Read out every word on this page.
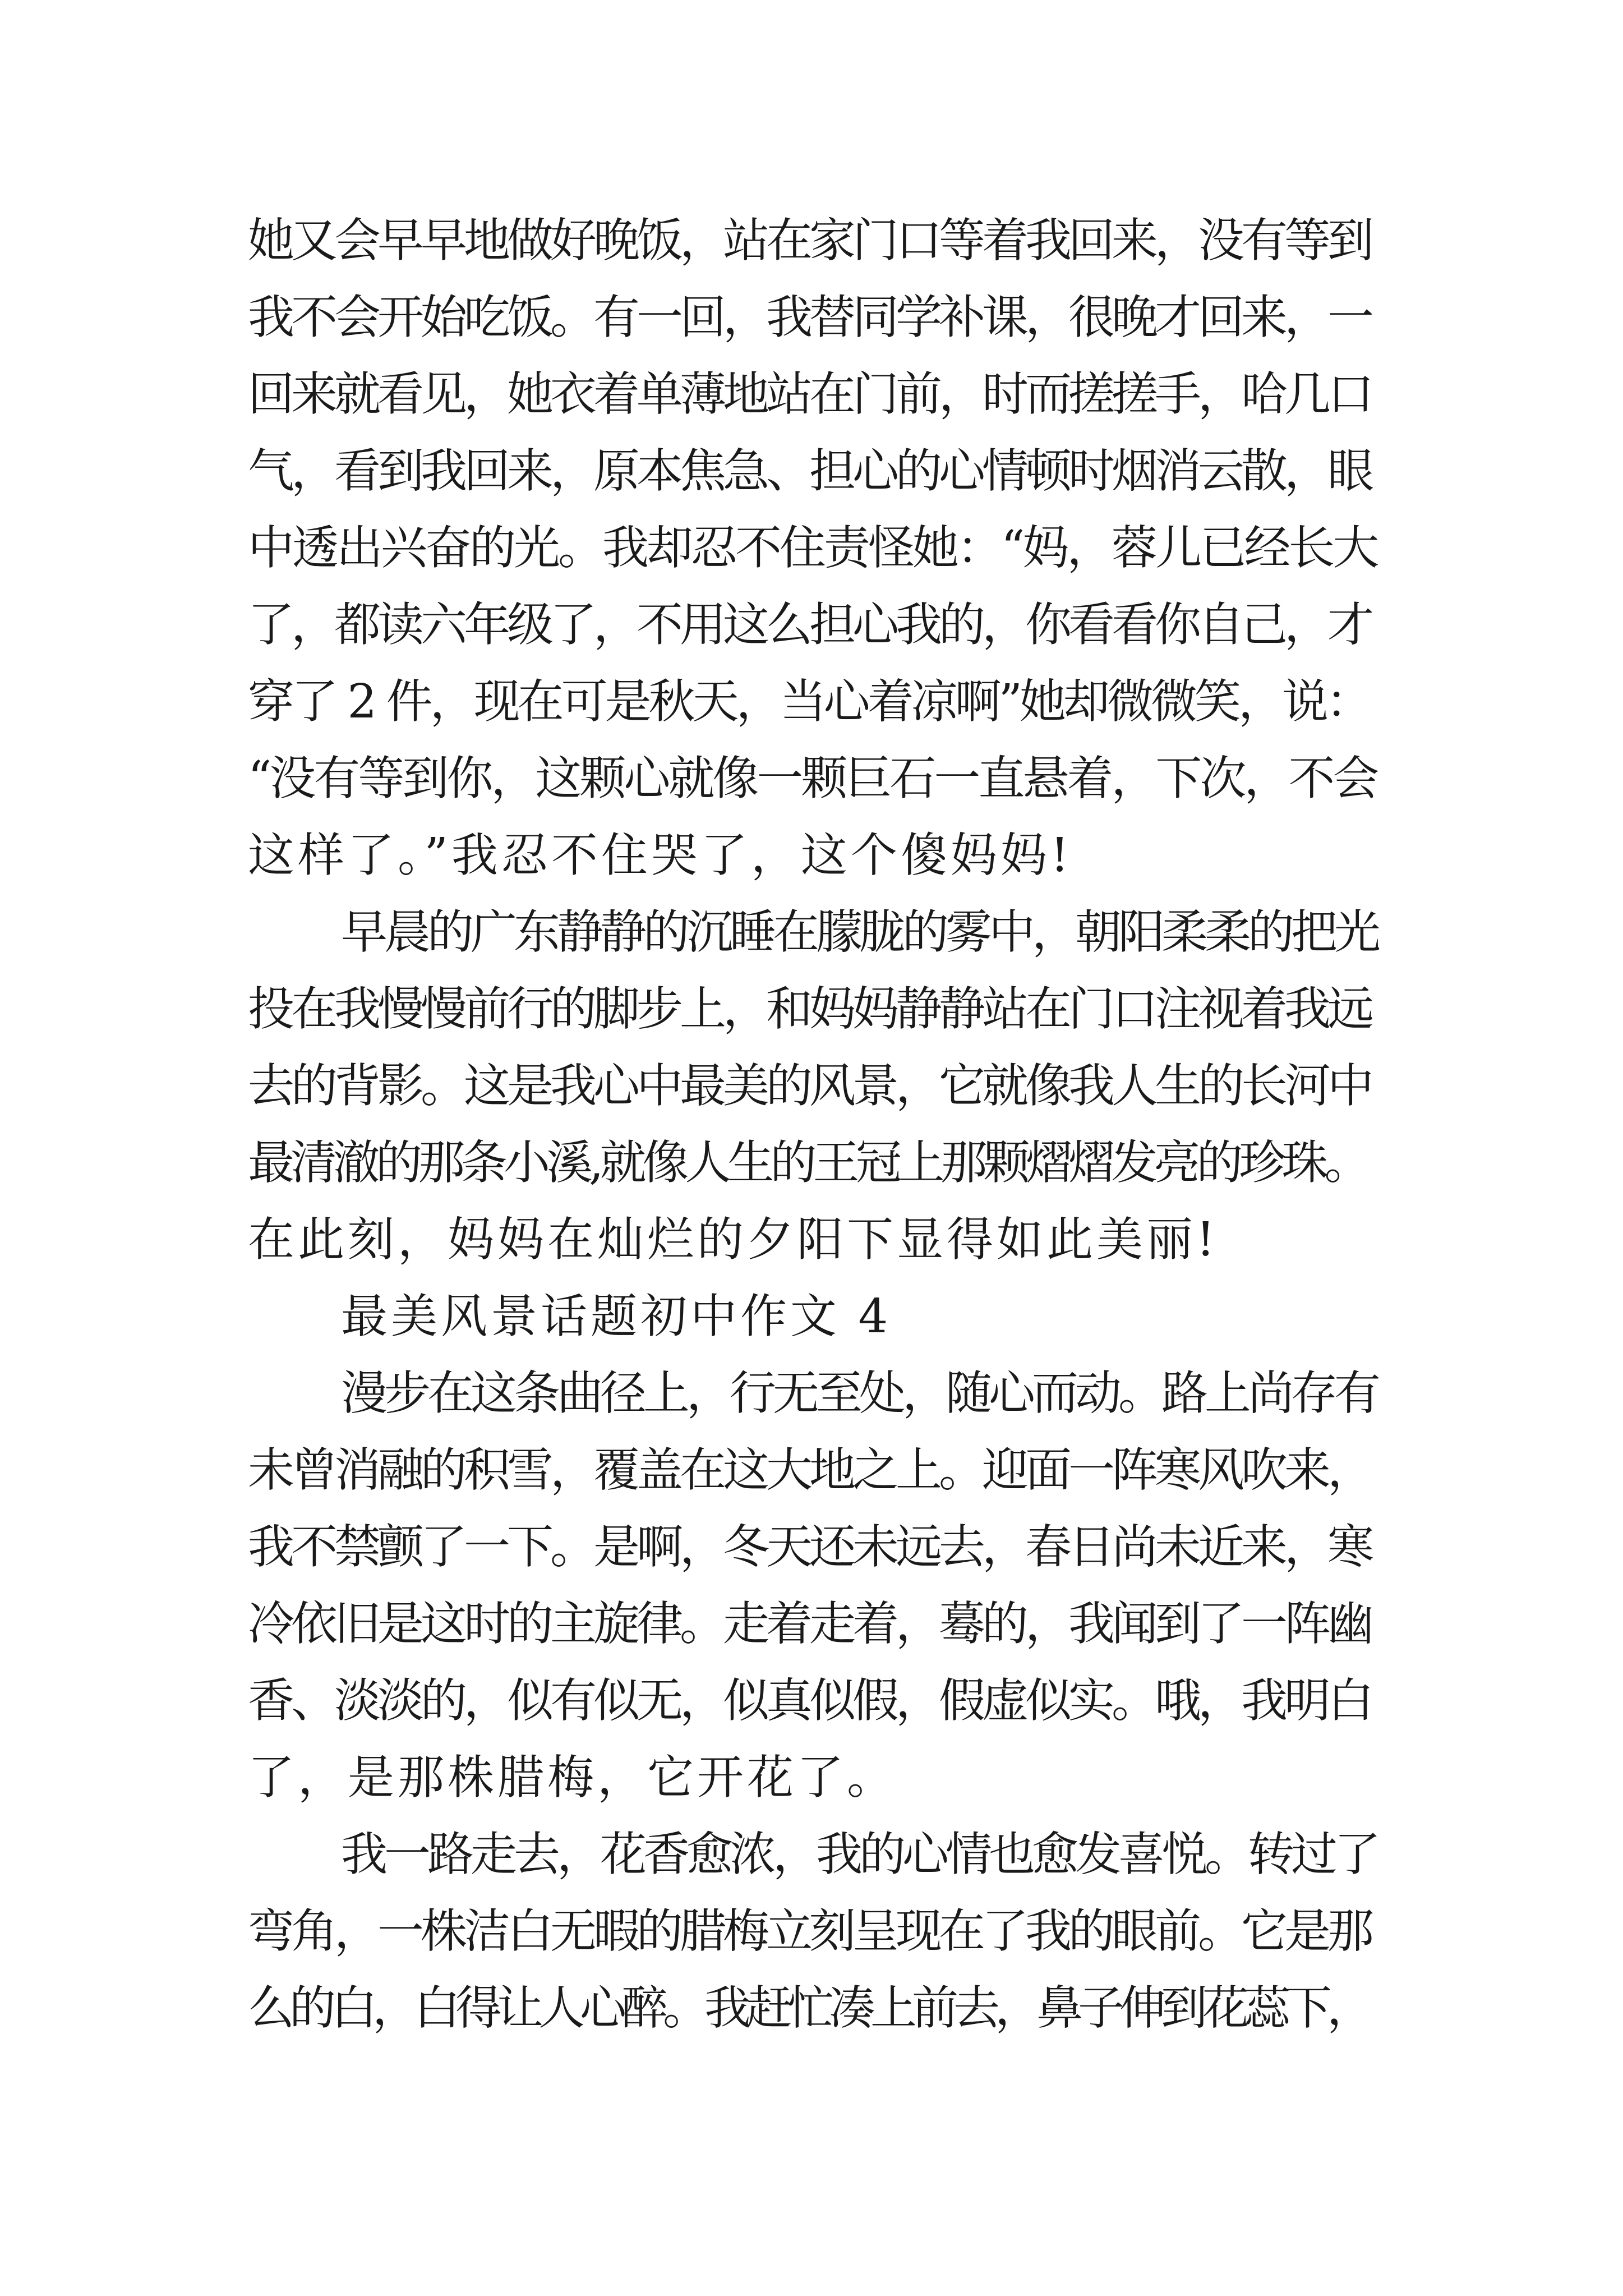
她又会早早地做好晚饭，站在家门口等着我回来，没有等到
我不会开始吃饭。有一回，我替同学补课，很晚才回来，一
回来就看见，她衣着单薄地站在门前，时而搓搓手，哈几口
气，看到我回来，原本焦急、担心的心情顿时烟消云散，眼
中透出兴奋的光。我却忍不住责怪她：“妈，蓉儿已经长大
了，都读六年级了，不用这么担心我的，你看看你自己，才
穿了 2 件，现在可是秋天，当心着凉啊”她却微微笑，说：
“没有等到你，这颗心就像一颗巨石一直悬着，下次，不会
这样了。”我忍不住哭了，这个傻妈妈!
早晨的广东静静的沉睡在朦胧的雾中，朝阳柔柔的把光
投在我慢慢前行的脚步上，和妈妈静静站在门口注视着我远
去的背影。这是我心中最美的风景，它就像我人生的长河中
最清澈的那条小溪,就像人生的王冠上那颗熠熠发亮的珍珠。
在此刻，妈妈在灿烂的夕阳下显得如此美丽!
最美风景话题初中作文 4
漫步在这条曲径上，行无至处，随心而动。路上尚存有
未曾消融的积雪，覆盖在这大地之上。迎面一阵寒风吹来，
我不禁颤了一下。是啊，冬天还未远去，春日尚未近来，寒
冷依旧是这时的主旋律。走着走着，蓦的，我闻到了一阵幽
香、淡淡的，似有似无，似真似假，假虚似实。哦，我明白
了，是那株腊梅，它开花了。
我一路走去，花香愈浓，我的心情也愈发喜悦。转过了
弯角，一株洁白无暇的腊梅立刻呈现在了我的眼前。它是那
么的白，白得让人心醉。我赶忙凑上前去，鼻子伸到花蕊下，
